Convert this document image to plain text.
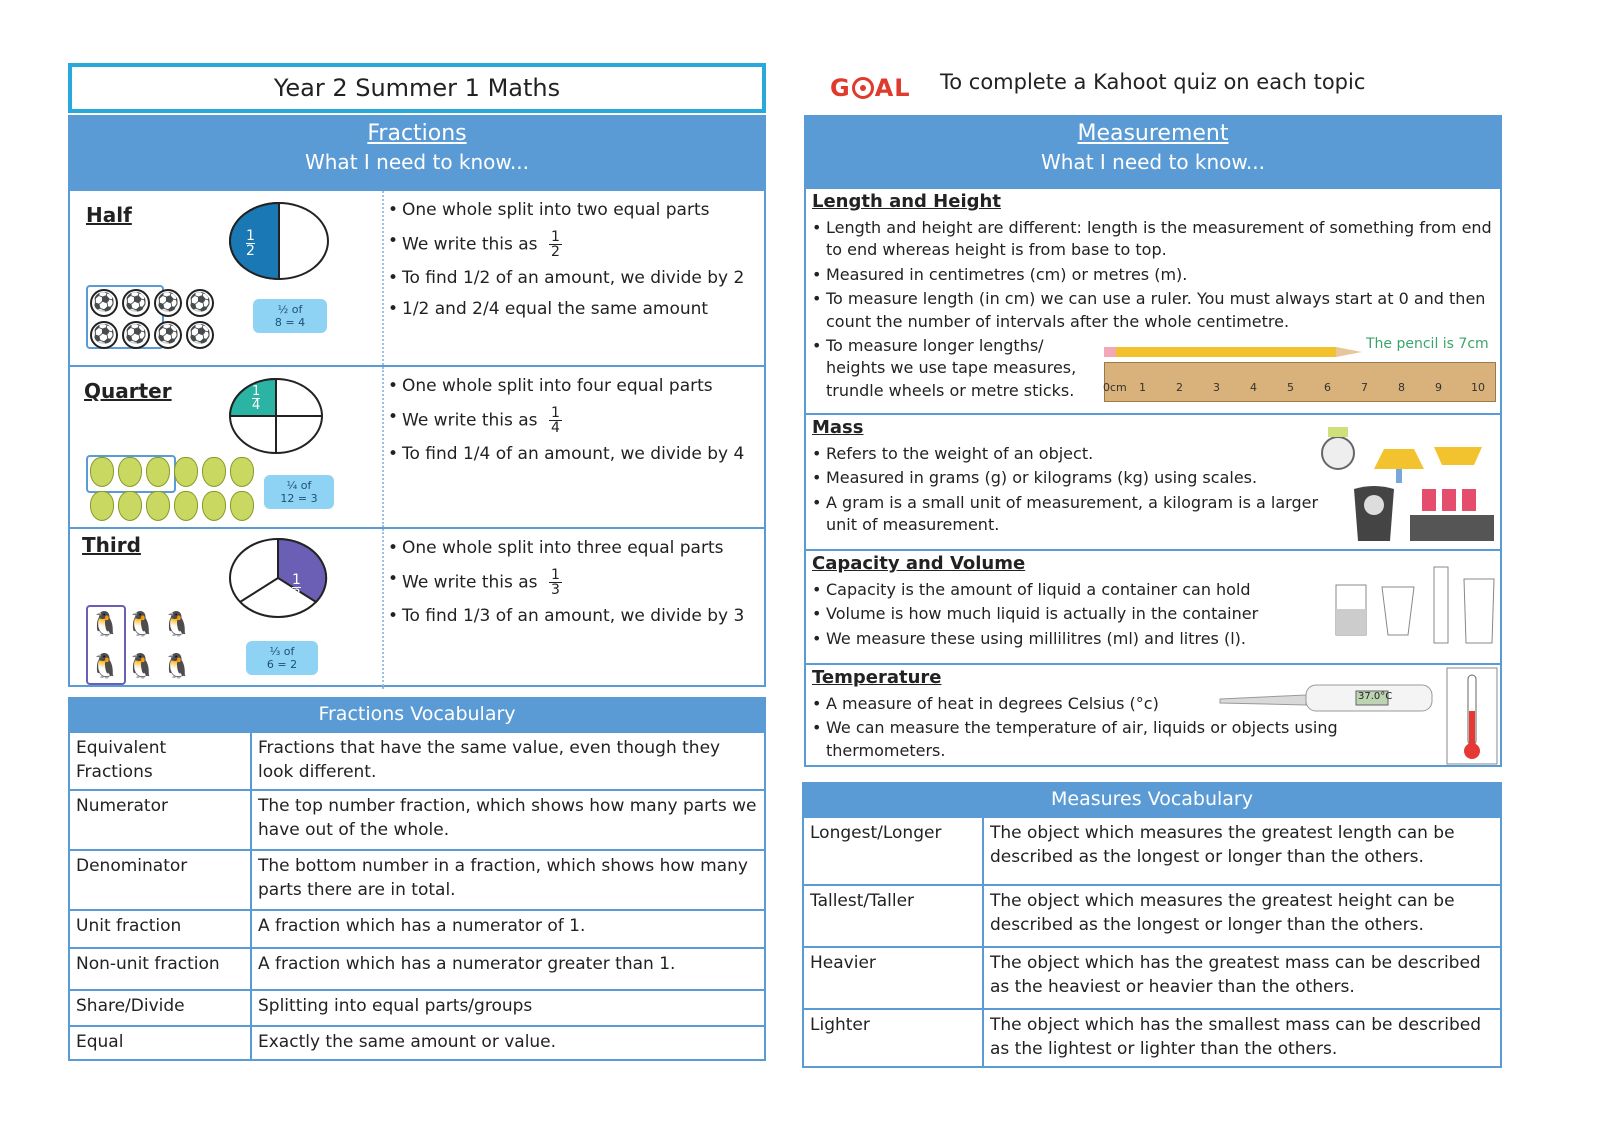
Year 2 Summer 1 Maths	G AL To complete a Kahoot quiz on each topic
Fractions
What I need to know...
Half
1
2
⚽ ⚽ ⚽ ⚽
⚽ ⚽ ⚽ ⚽
½ of
8 = 4
• One whole split into two equal parts
• We write this as $\frac{1}{2}$
• To find 1/2 of an amount, we divide by 2
• 1/2 and 2/4 equal the same amount
Quarter	1
4
¼ of
12 = 3
• One whole split into four equal parts
• We write this as $\frac{1}{4}$
• To find 1/4 of an amount, we divide by 4
Third
1
3
🐧 🐧 🐧
🐧 🐧 🐧
⅓ of
6 = 2
• One whole split into three equal parts
• We write this as $\frac{1}{3}$
• To find 1/3 of an amount, we divide by 3
Fractions Vocabulary
Equivalent Fractions	Fractions that have the same value, even though they look different.
Numerator	The top number fraction, which shows how many parts we have out of the whole.
Denominator	The bottom number in a fraction, which shows how many parts there are in total.
Unit fraction	A fraction which has a numerator of 1.
Non-unit fraction	A fraction which has a numerator greater than 1.
Share/Divide	Splitting into equal parts/groups
Equal	Exactly the same amount or value.
Measurement
What I need to know...
Length and Height
• Length and height are different: length is the measurement of something from end to end whereas height is from base to top.
• Measured in centimetres (cm) or metres (m).
• To measure length (in cm) we can use a ruler. You must always start at 0 and then count the number of intervals after the whole centimetre.
• To measure longer lengths/ heights we use tape measures, trundle wheels or metre sticks.
Mass
• Refers to the weight of an object.
• Measured in grams (g) or kilograms (kg) using scales.
• A gram is a small unit of measurement, a kilogram is a larger unit of measurement.
Capacity and Volume
• Capacity is the amount of liquid a container can hold
• Volume is how much liquid is actually in the container
• We measure these using millilitres (ml) and litres (l).
Temperature
• A measure of heat in degrees Celsius (°c)
• We can measure the temperature of air, liquids or objects using thermometers.
37.0°C
The pencil is 7cm
0cm 1	2	3	4	5	6	7	8	9	10
Measures Vocabulary
Longest/Longer	The object which measures the greatest length can be described as the longest or longer than the others.
Tallest/Taller	The object which measures the greatest height can be described as the longest or longer than the others.
Heavier	The object which has the greatest mass can be described as the heaviest or heavier than the others.
Lighter	The object which has the smallest mass can be described as the lightest or lighter than the others.
